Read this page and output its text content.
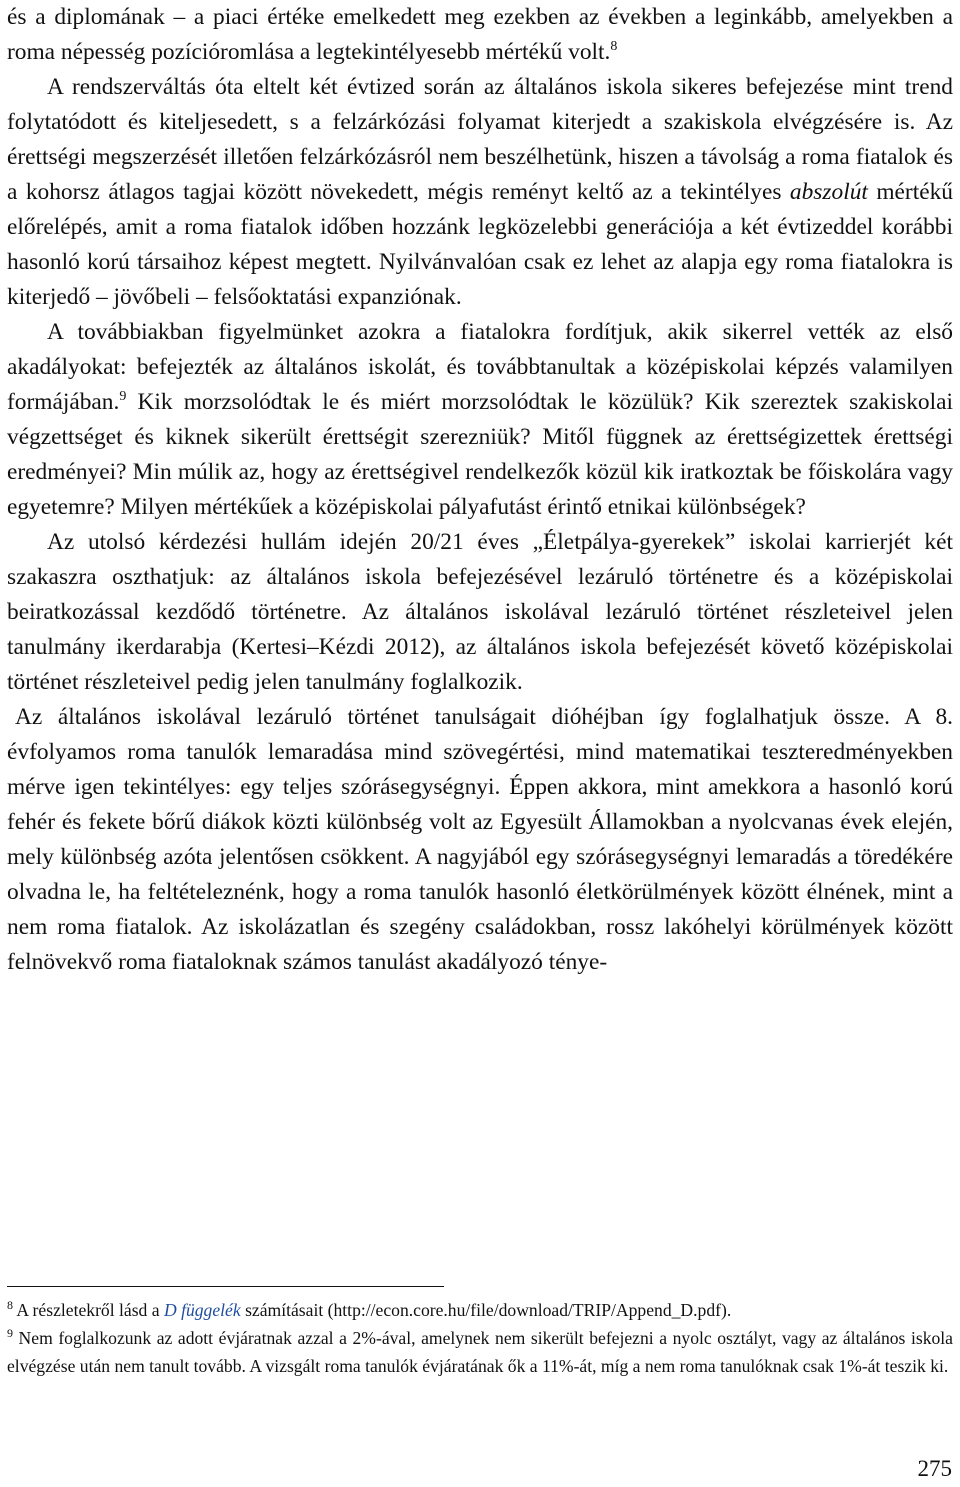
és a diplomának – a piaci értéke emelkedett meg ezekben az években a leginkább, amelyekben a roma népesség pozícióromlása a legtekintélyesebb mértékű volt.$^8$

A rendszerváltás óta eltelt két évtized során az általános iskola sikeres befejezése mint trend folytatódott és kiteljesedett, s a felzárkózási folyamat kiterjedt a szakiskola elvégzésére is. Az érettségi megszerzését illetően felzárkózásról nem beszélhetünk, hiszen a távolság a roma fiatalok és a kohorsz átlagos tagjai között növekedett, mégis reményt keltő az a tekintélyes abszolút mértékű előrelépés, amit a roma fiatalok időben hozzánk legközelebbi generációja a két évtizeddel korábbi hasonló korú társaihoz képest megtett. Nyilvánvalóan csak ez lehet az alapja egy roma fiatalokra is kiterjedő – jövőbeli – felsőoktatási expanziónak.

A továbbiakban figyelmünket azokra a fiatalokra fordítjuk, akik sikerrel vették az első akadályokat: befejezték az általános iskolát, és továbbtanultak a középiskolai képzés valamilyen formájában.$^9$ Kik morzsolódtak le és miért morzsolódtak le közülük? Kik szereztek szakiskolai végzettséget és kiknek sikerült érettségit szerezniük? Mitől függnek az érettségizettek érettségi eredményei? Min múlik az, hogy az érettségivel rendelkezők közül kik iratkoztak be főiskolára vagy egyetemre? Milyen mértékűek a középiskolai pályafutást érintő etnikai különbségek?

Az utolsó kérdezési hullám idején 20/21 éves „Életpálya-gyerekek” iskolai karrierjét két szakaszra oszthatjuk: az általános iskola befejezésével lezáruló történetre és a középiskolai beiratkozással kezdődő történetre. Az általános iskolával lezáruló történet részleteivel jelen tanulmány ikerdarabja (Kertesi–Kézdi 2012), az általános iskola befejezését követő középiskolai történet részleteivel pedig jelen tanulmány foglalkozik.

Az általános iskolával lezáruló történet tanulságait dióhéjban így foglalhatjuk össze. A 8. évfolyamos roma tanulók lemaradása mind szövegértési, mind matematikai teszteredményekben mérve igen tekintélyes: egy teljes szórásegységnyi. Éppen akkora, mint amekkora a hasonló korú fehér és fekete bőrű diákok közti különbség volt az Egyesült Államokban a nyolcvanas évek elején, mely különbség azóta jelentősen csökkent. A nagyjából egy szórásegységnyi lemaradás a töredékére olvadna le, ha feltételeznénk, hogy a roma tanulók hasonló életkörülmények között élnének, mint a nem roma fiatalok. Az iskolázatlan és szegény családokban, rossz lakóhelyi körülmények között felnövekvő roma fiataloknak számos tanulást akadályozó ténye-

$^8$ A részletekről lásd a D függelék számításait (http://econ.core.hu/file/download/TRIP/Append_D.pdf).

$^9$ Nem foglalkozunk az adott évjáratnak azzal a 2%-ával, amelynek nem sikerült befejezni a nyolc osztályt, vagy az általános iskola elvégzése után nem tanult tovább. A vizsgált roma tanulók évjáratának ők a 11%-át, míg a nem roma tanulóknak csak 1%-át teszik ki.

275
